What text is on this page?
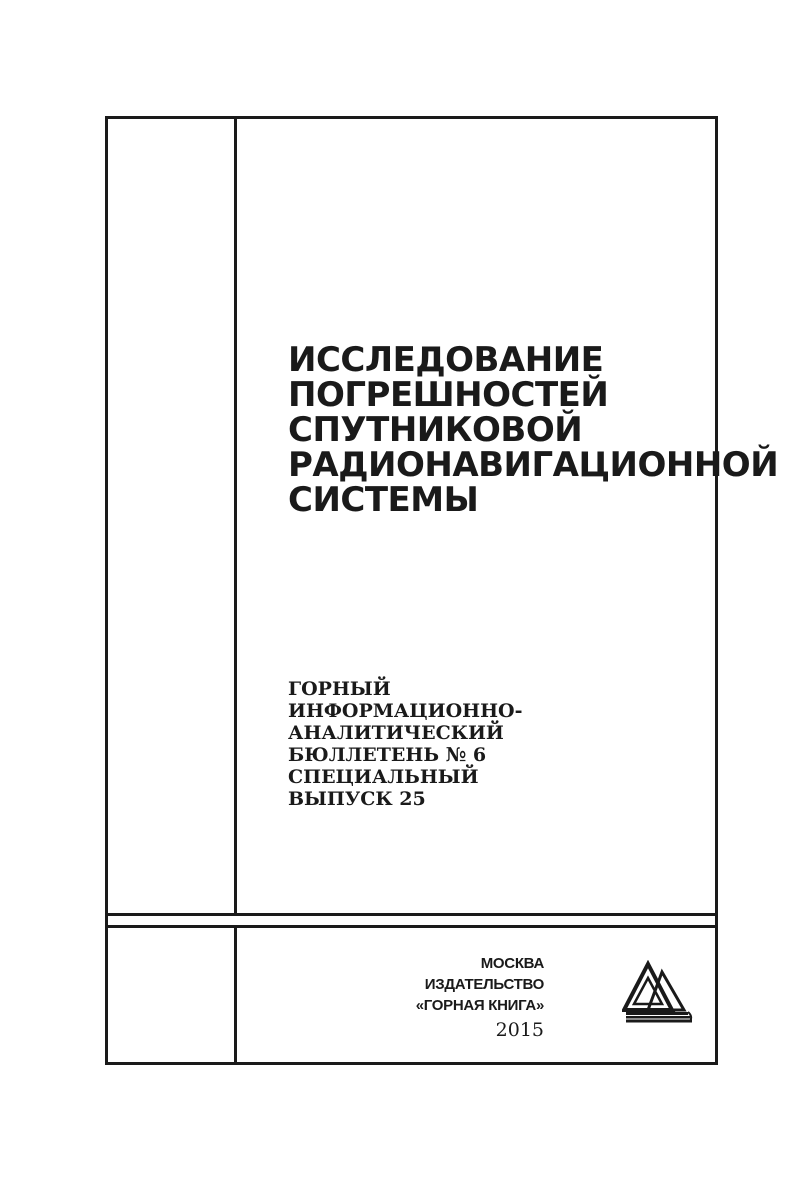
ИССЛЕДОВАНИЕ
ПОГРЕШНОСТЕЙ
СПУТНИКОВОЙ
РАДИОНАВИГАЦИОННОЙ
СИСТЕМЫ
ГОРНЫЙ
ИНФОРМАЦИОННО-
АНАЛИТИЧЕСКИЙ
БЮЛЛЕТЕНЬ № 6
СПЕЦИАЛЬНЫЙ
ВЫПУСК 25
МОСКВА
ИЗДАТЕЛЬСТВО
«ГОРНАЯ КНИГА»
2015
